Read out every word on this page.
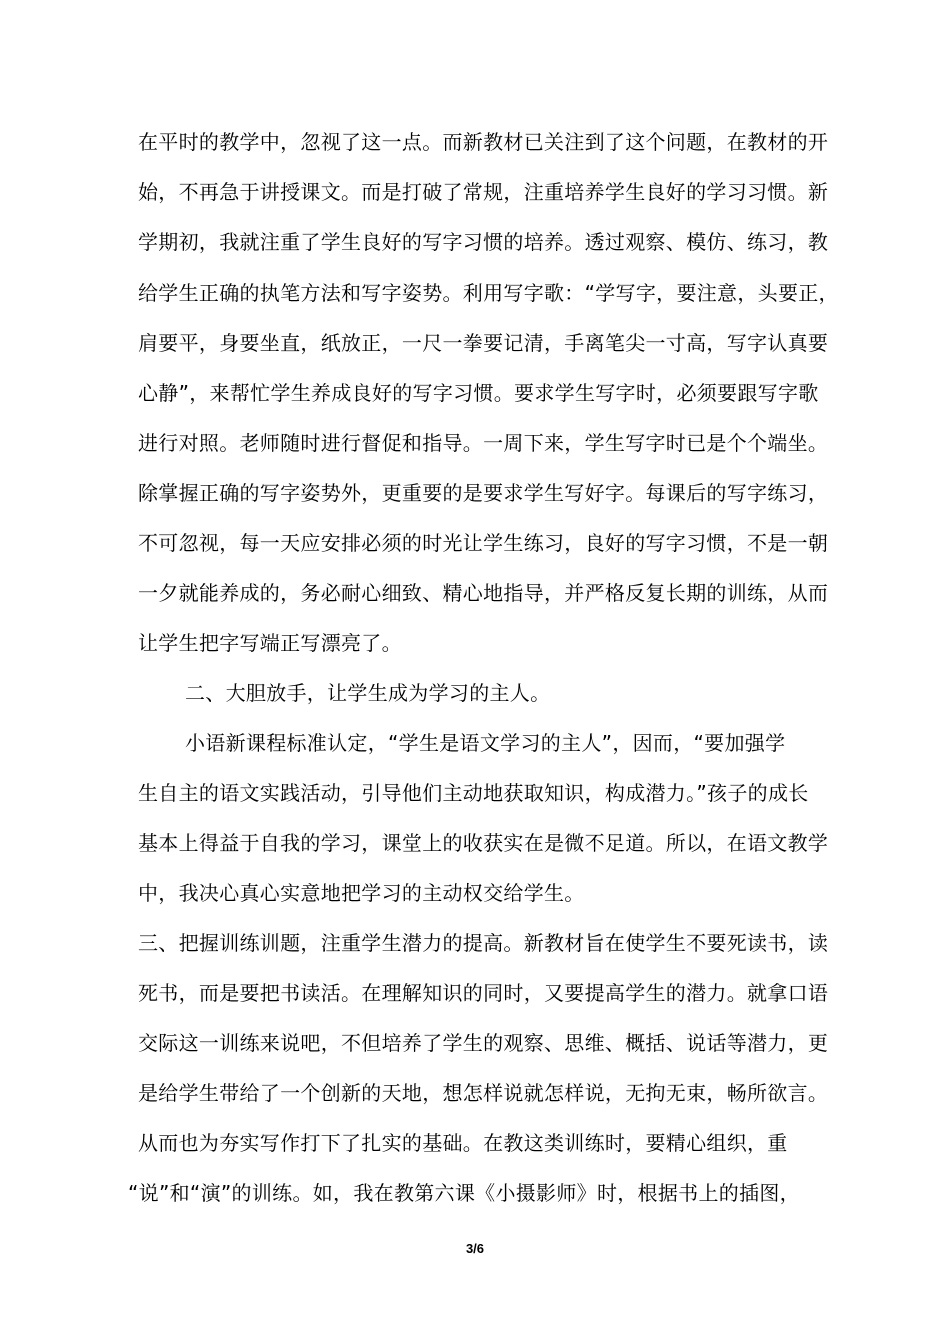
在平时的教学中，忽视了这一点。而新教材已关注到了这个问题，在教材的开
始，不再急于讲授课文。而是打破了常规，注重培养学生良好的学习习惯。新
学期初，我就注重了学生良好的写字习惯的培养。透过观察、模仿、练习，教
给学生正确的执笔方法和写字姿势。利用写字歌：“学写字，要注意，头要正，
肩要平，身要坐直，纸放正，一尺一拳要记清，手离笔尖一寸高，写字认真要
心静”，来帮忙学生养成良好的写字习惯。要求学生写字时，必须要跟写字歌
进行对照。老师随时进行督促和指导。一周下来，学生写字时已是个个端坐。
除掌握正确的写字姿势外，更重要的是要求学生写好字。每课后的写字练习，
不可忽视，每一天应安排必须的时光让学生练习，良好的写字习惯，不是一朝
一夕就能养成的，务必耐心细致、精心地指导，并严格反复长期的训练，从而
让学生把字写端正写漂亮了。
二、大胆放手，让学生成为学习的主人。
小语新课程标准认定，“学生是语文学习的主人”，因而，“要加强学
生自主的语文实践活动，引导他们主动地获取知识，构成潜力。”孩子的成长
基本上得益于自我的学习，课堂上的收获实在是微不足道。所以，在语文教学
中，我决心真心实意地把学习的主动权交给学生。
三、把握训练训题，注重学生潜力的提高。新教材旨在使学生不要死读书，读
死书，而是要把书读活。在理解知识的同时，又要提高学生的潜力。就拿口语
交际这一训练来说吧，不但培养了学生的观察、思维、概括、说话等潜力，更
是给学生带给了一个创新的天地，想怎样说就怎样说，无拘无束，畅所欲言。
从而也为夯实写作打下了扎实的基础。在教这类训练时，要精心组织，重
“说”和“演”的训练。如，我在教第六课《小摄影师》时，根据书上的插图，
3/6
